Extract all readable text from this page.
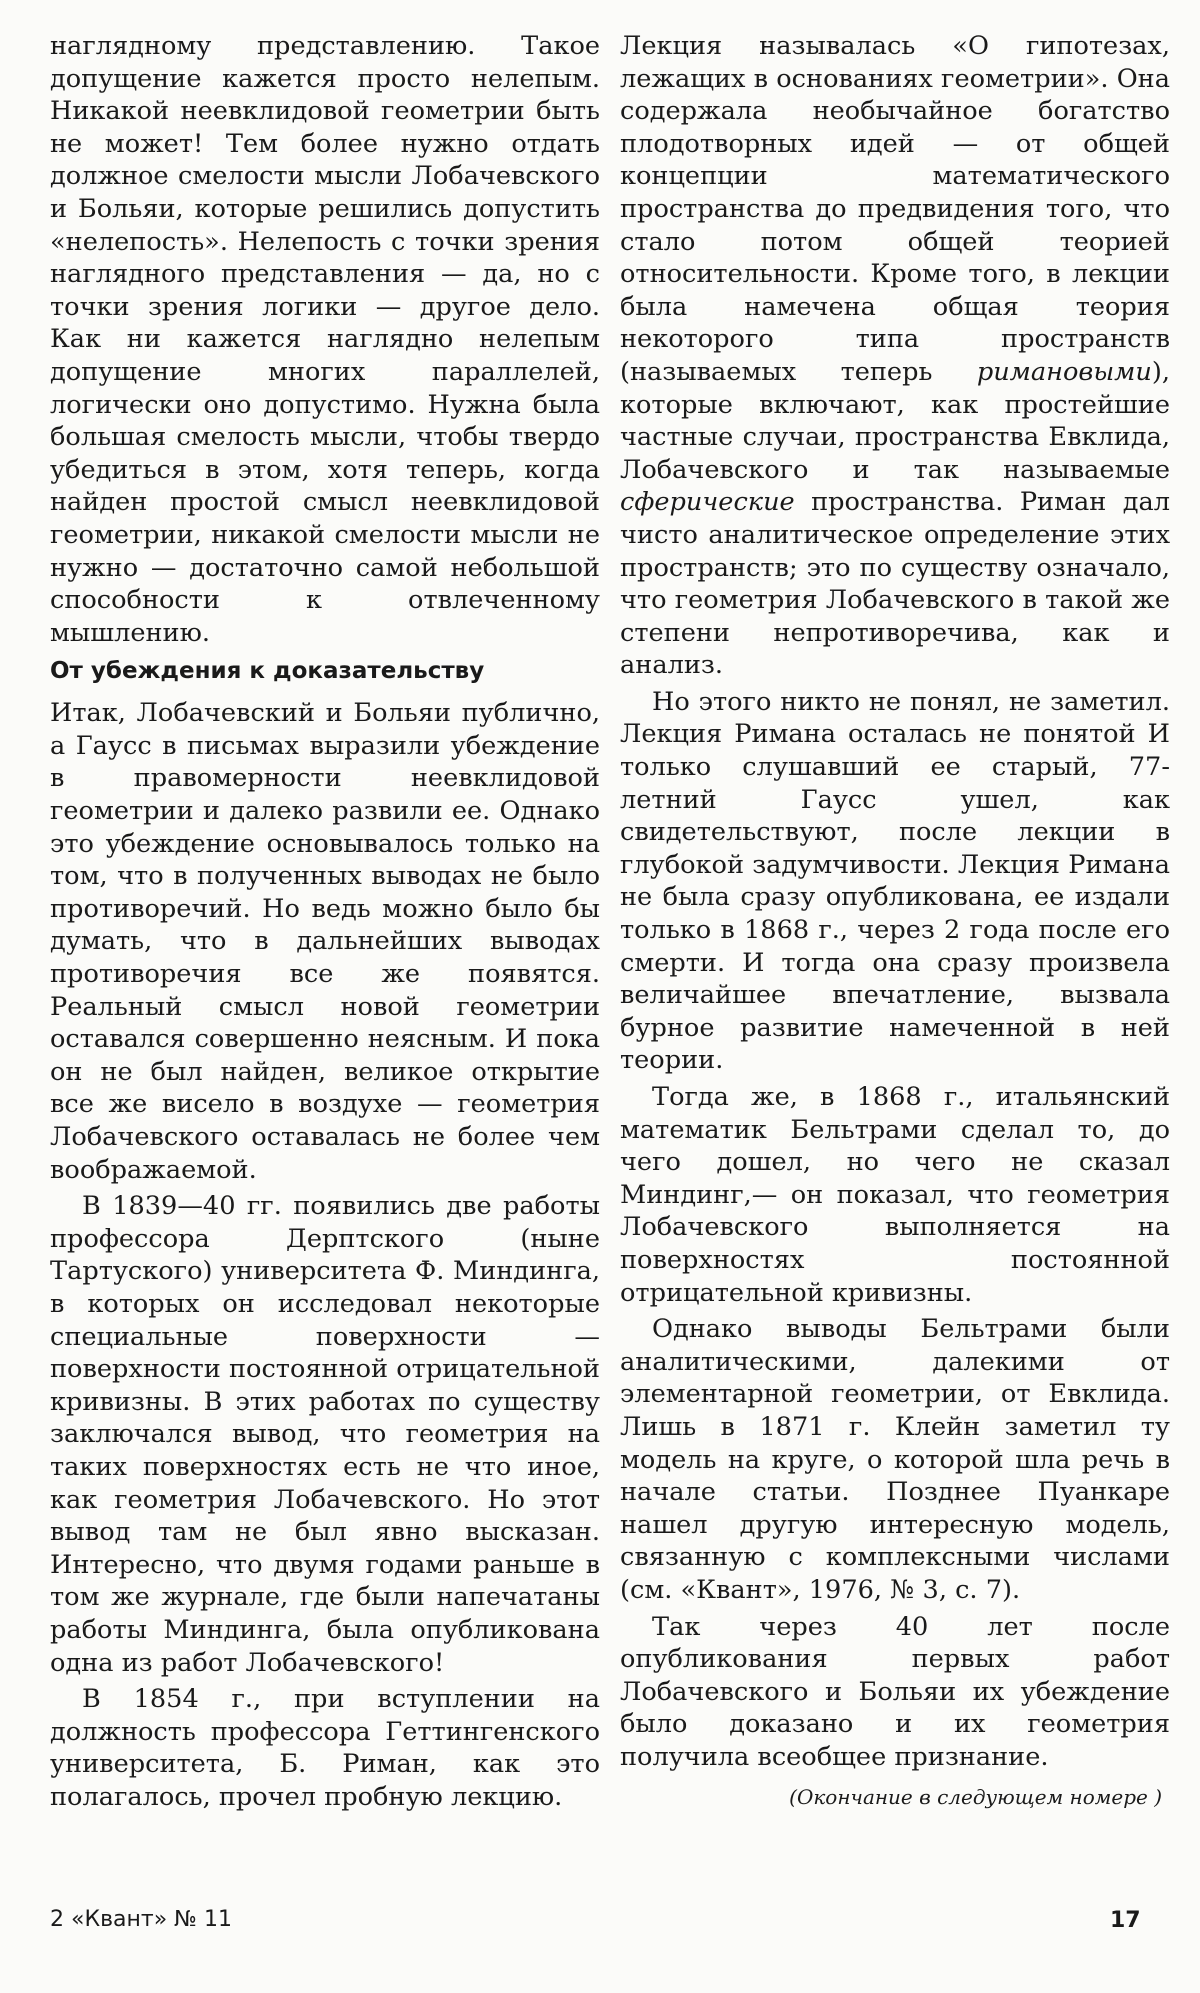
наглядному представлению. Такое допущение кажется просто нелепым. Никакой неевклидовой геометрии быть не может! Тем более нужно отдать должное смелости мысли Лобачевского и Больяи, которые решились допустить «нелепость». Нелепость с точки зрения наглядного представления — да, но с точки зрения логики — другое дело. Как ни кажется наглядно нелепым допущение многих параллелей, логически оно допустимо. Нужна была большая смелость мысли, чтобы твердо убедиться в этом, хотя теперь, когда найден простой смысл неевклидовой геометрии, никакой смелости мысли не нужно — достаточно самой небольшой способности к отвлеченному мышлению.

От убеждения к доказательству

Итак, Лобачевский и Больяи публично, а Гаусс в письмах выразили убеждение в правомерности неевклидовой геометрии и далеко развили ее. Однако это убеждение основывалось только на том, что в полученных выводах не было противоречий. Но ведь можно было бы думать, что в дальнейших выводах противоречия все же появятся. Реальный смысл новой геометрии оставался совершенно неясным. И пока он не был найден, великое открытие все же висело в воздухе — геометрия Лобачевского оставалась не более чем воображаемой.

В 1839—40 гг. появились две работы профессора Дерптского (ныне Тартуского) университета Ф. Миндинга, в которых он исследовал некоторые специальные поверхности — поверхности постоянной отрицательной кривизны. В этих работах по существу заключался вывод, что геометрия на таких поверхностях есть не что иное, как геометрия Лобачевского. Но этот вывод там не был явно высказан. Интересно, что двумя годами раньше в том же журнале, где были напечатаны работы Миндинга, была опубликована одна из работ Лобачевского!

В 1854 г., при вступлении на должность профессора Геттингенского университета, Б. Риман, как это полагалось, прочел пробную лекцию.

Лекция называлась «О гипотезах, лежащих в основаниях геометрии». Она содержала необычайное богатство плодотворных идей — от общей концепции математического пространства до предвидения того, что стало потом общей теорией относительности. Кроме того, в лекции была намечена общая теория некоторого типа пространств (называемых теперь римановыми), которые включают, как простейшие частные случаи, пространства Евклида, Лобачевского и так называемые сферические пространства. Риман дал чисто аналитическое определение этих пространств; это по существу означало, что геометрия Лобачевского в такой же степени непротиворечива, как и анализ.

Но этого никто не понял, не заметил. Лекция Римана осталась не понятой И только слушавший ее старый, 77-летний Гаусс ушел, как свидетельствуют, после лекции в глубокой задумчивости. Лекция Римана не была сразу опубликована, ее издали только в 1868 г., через 2 года после его смерти. И тогда она сразу произвела величайшее впечатление, вызвала бурное развитие намеченной в ней теории.

Тогда же, в 1868 г., итальянский математик Бельтрами сделал то, до чего дошел, но чего не сказал Миндинг,— он показал, что геометрия Лобачевского выполняется на поверхностях постоянной отрицательной кривизны.

Однако выводы Бельтрами были аналитическими, далекими от элементарной геометрии, от Евклида. Лишь в 1871 г. Клейн заметил ту модель на круге, о которой шла речь в начале статьи. Позднее Пуанкаре нашел другую интересную модель, связанную с комплексными числами (см. «Квант», 1976, № 3, с. 7).

Так через 40 лет после опубликования первых работ Лобачевского и Больяи их убеждение было доказано и их геометрия получила всеобщее признание.

(Окончание в следующем номере )

2 «Квант» № 11	17
